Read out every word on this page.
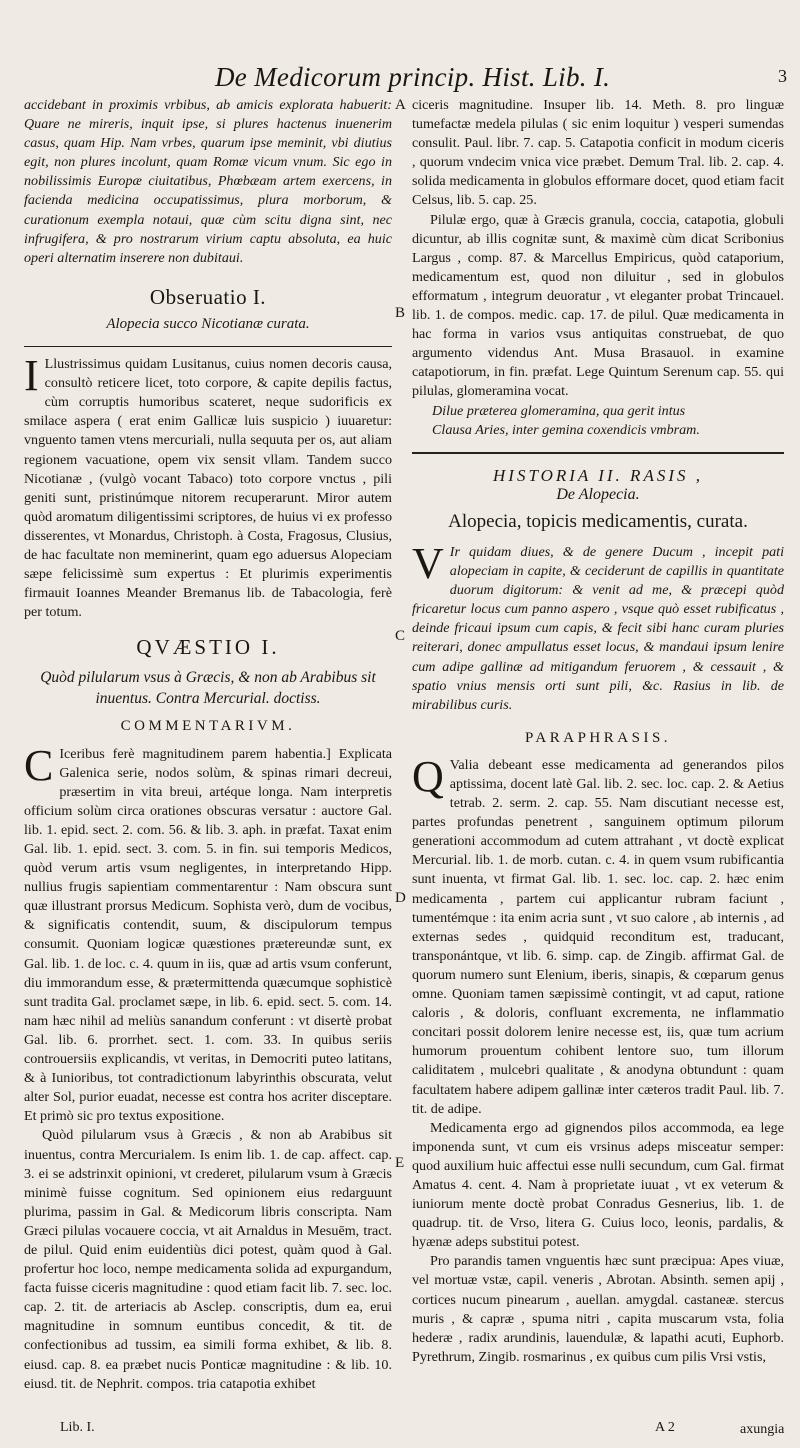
De Medicorum princip. Hist. Lib. I.	3

accidebant in proximis vrbibus, ab amicis explorata habuerit: Quare ne mireris, inquit ipse, si plures hactenus inuenerim casus, quam Hip. Nam vrbes, quarum ipse meminit, vbi diutius egit, non plures incolunt, quam Romæ vicum vnum. Sic ego in nobilissimis Europæ ciuitatibus, Phœbæam artem exercens, in facienda medicina occupatissimus, plura morborum, & curationum exempla notaui, quæ cùm scitu digna sint, nec infrugifera, & pro nostrarum virium captu absoluta, ea huic operi alternatim inserere non dubitaui.

Obseruatio I.

Alopecia succo Nicotianæ curata.

I Llustrissimus quidam Lusitanus, cuius nomen decoris causa, consultò reticere licet, toto corpore, & capite depilis factus, cùm corruptis humoribus scateret, neque sudorificis ex smilace aspera ( erat enim Gallicæ luis suspicio ) iuuaretur: vnguento tamen vtens mercuriali, nulla sequuta per os, aut aliam regionem vacuatione, opem vix sensit vllam. Tandem succo Nicotianæ , (vulgò vocant Tabaco) toto corpore vnctus , pili geniti sunt, pristinúmque nitorem recuperarunt. Miror autem quòd aromatum diligentissimi scriptores, de huius vi ex professo disserentes, vt Monardus, Christoph. à Costa, Fragosus, Clusius, de hac facultate non meminerint, quam ego aduersus Alopeciam sæpe felicissimè sum expertus : Et plurimis experimentis firmauit Ioannes Meander Bremanus lib. de Tabacologia, ferè per totum.

QVÆSTIO I.

Quòd pilularum vsus à Græcis, & non ab Arabibus sit inuentus. Contra Mercurial. doctiss.

COMMENTARIVM.

C Iceribus ferè magnitudinem parem habentia.] Explicata Galenica serie, nodos solùm, & spinas rimari decreui, præsertim in vita breui, artéque longa. Nam interpretis officium solùm circa orationes obscuras versatur : auctore Gal. lib. 1. epid. sect. 2. com. 56. & lib. 3. aph. in præfat. Taxat enim Gal. lib. 1. epid. sect. 3. com. 5. in fin. sui temporis Medicos, quòd verum artis vsum negligentes, in interpretando Hipp. nullius frugis sapientiam commentarentur : Nam obscura sunt quæ illustrant prorsus Medicum. Sophista verò, dum de vocibus, & significatis contendit, suum, & discipulorum tempus consumit. Quoniam logicæ quæstiones prætereundæ sunt, ex Gal. lib. 1. de loc. c. 4. quum in iis, quæ ad artis vsum conferunt, diu immorandum esse, & prætermittenda quæcumque sophisticè sunt tradita Gal. proclamet sæpe, in lib. 6. epid. sect. 5. com. 14. nam hæc nihil ad meliùs sanandum conferunt : vt disertè probat Gal. lib. 6. prorrhet. sect. 1. com. 33. In quibus seriis controuersiis explicandis, vt veritas, in Democriti puteo latitans, & à Iunioribus, tot contradictionum labyrinthis obscurata, velut alter Sol, purior euadat, necesse est contra hos acriter disceptare. Et primò sic pro textus expositione.

Quòd pilularum vsus à Græcis , & non ab Arabibus sit inuentus, contra Mercurialem. Is enim lib. 1. de cap. affect. cap. 3. ei se adstrinxit opinioni, vt crederet, pilularum vsum à Græcis minimè fuisse cognitum. Sed opinionem eius redarguunt plurima, passim in Gal. & Medicorum libris conscripta. Nam Græci pilulas vocauere coccia, vt ait Arnaldus in Mesuēm, tract. de pilul. Quid enim euidentiùs dici potest, quàm quod à Gal. profertur hoc loco, nempe medicamenta solida ad expurgandum, facta fuisse ciceris magnitudine : quod etiam facit lib. 7. sec. loc. cap. 2. tit. de arteriacis ab Asclep. conscriptis, dum ea, erui magnitudine in somnum euntibus concedit, & tit. de confectionibus ad tussim, ea simili forma exhibet, & lib. 8. eiusd. cap. 8. ea præbet nucis Ponticæ magnitudine : & lib. 10. eiusd. tit. de Nephrit. compos. tria catapotia exhibet

A
B
C
D
E

ciceris magnitudine. Insuper lib. 14. Meth. 8. pro linguæ tumefactæ medela pilulas ( sic enim loquitur ) vesperi sumendas consulit. Paul. libr. 7. cap. 5. Catapotia conficit in modum ciceris , quorum vndecim vnica vice præbet. Demum Tral. lib. 2. cap. 4. solida medicamenta in globulos efformare docet, quod etiam facit Celsus, lib. 5. cap. 25.

Pilulæ ergo, quæ à Græcis granula, coccia, catapotia, globuli dicuntur, ab illis cognitæ sunt, & maximè cùm dicat Scribonius Largus , comp. 87. & Marcellus Empiricus, quòd cataporium, medicamentum est, quod non diluitur , sed in globulos efformatum , integrum deuoratur , vt eleganter probat Trincauel. lib. 1. de compos. medic. cap. 17. de pilul. Quæ medicamenta in hac forma in varios vsus antiquitas construebat, de quo argumento videndus Ant. Musa Brasauol. in examine catapotiorum, in fin. præfat. Lege Quintum Serenum cap. 55. qui pilulas, glomeramina vocat.

Dilue præterea glomeramina, qua gerit intus

Clausa Aries, inter gemina coxendicis vmbram.

HISTORIA II. RASIS ,

De Alopecia.

Alopecia, topicis medicamentis, curata.

V Ir quidam diues, & de genere Ducum , incepit pati alopeciam in capite, & ceciderunt de capillis in quantitate duorum digitorum: & venit ad me, & præcepi quòd fricaretur locus cum panno aspero , vsque quò esset rubificatus , deinde fricaui ipsum cum capis, & fecit sibi hanc curam pluries reiterari, donec ampullatus esset locus, & mandaui ipsum lenire cum adipe gallinæ ad mitigandum feruorem , & cessauit , & spatio vnius mensis orti sunt pili, &c. Rasius in lib. de mirabilibus curis.

PARAPHRASIS.

Q Valia debeant esse medicamenta ad generandos pilos aptissima, docent latè Gal. lib. 2. sec. loc. cap. 2. & Aetius tetrab. 2. serm. 2. cap. 55. Nam discutiant necesse est, partes profundas penetrent , sanguinem optimum pilorum generationi accommodum ad cutem attrahant , vt doctè explicat Mercurial. lib. 1. de morb. cutan. c. 4. in quem vsum rubificantia sunt inuenta, vt firmat Gal. lib. 1. sec. loc. cap. 2. hæc enim medicamenta , partem cui applicantur rubram faciunt , tumentémque : ita enim acria sunt , vt suo calore , ab internis , ad externas sedes , quidquid reconditum est, traducant, transponántque, vt lib. 6. simp. cap. de Zingib. affirmat Gal. de quorum numero sunt Elenium, iberis, sinapis, & cœparum genus omne. Quoniam tamen sæpissimè contingit, vt ad caput, ratione caloris , & doloris, confluant excrementa, ne inflammatio concitari possit dolorem lenire necesse est, iis, quæ tum acrium humorum prouentum cohibent lentore suo, tum illorum caliditatem , mulcebri qualitate , & anodyna obtundunt : quam facultatem habere adipem gallinæ inter cæteros tradit Paul. lib. 7. tit. de adipe.

Medicamenta ergo ad gignendos pilos accommoda, ea lege imponenda sunt, vt cum eis vrsinus adeps misceatur semper: quod auxilium huic affectui esse nulli secundum, cum Gal. firmat Amatus 4. cent. 4. Nam à proprietate iuuat , vt ex veterum & iuniorum mente doctè probat Conradus Gesnerius, lib. 1. de quadrup. tit. de Vrso, litera G. Cuius loco, leonis, pardalis, & hyænæ adeps substitui potest.

Pro parandis tamen vnguentis hæc sunt præcipua: Apes viuæ, vel mortuæ vstæ, capil. veneris , Abrotan. Absinth. semen apij , cortices nucum pinearum , auellan. amygdal. castaneæ. stercus muris , & capræ , spuma nitri , capita muscarum vsta, folia hederæ , radix arundinis, lauendulæ, & lapathi acuti, Euphorb. Pyrethrum, Zingib. rosmarinus , ex quibus cum pilis Vrsi vstis,

Lib. I.	A 2	axungia
